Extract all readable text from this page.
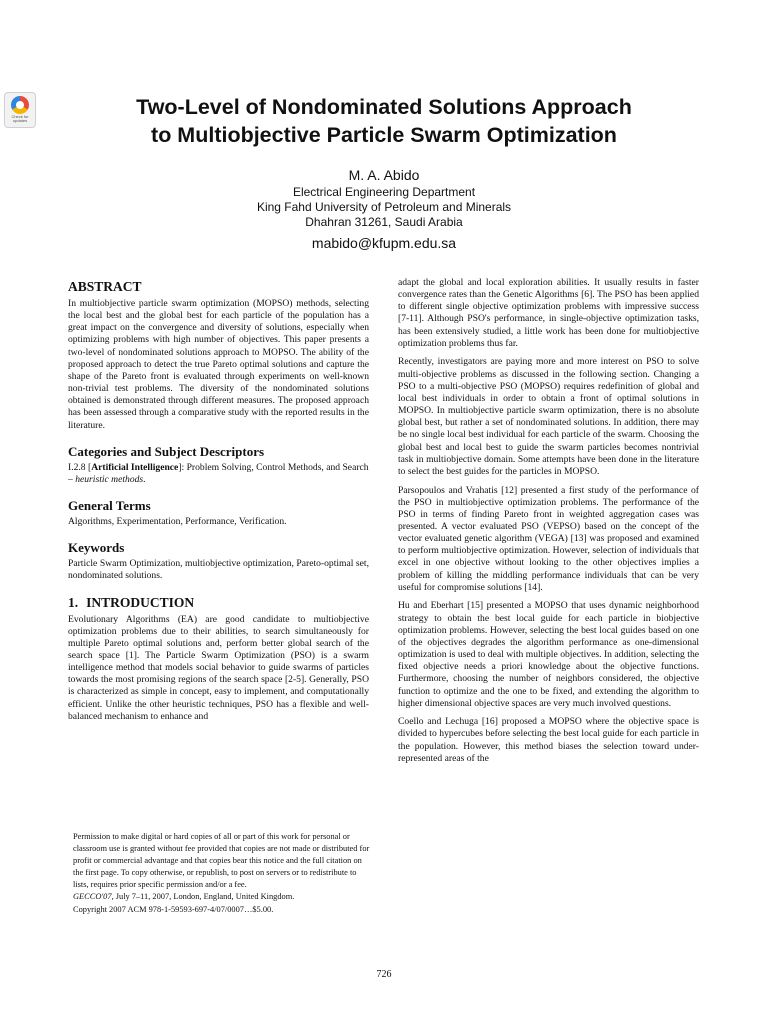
Check for updates
Two-Level of Nondominated Solutions Approach
to Multiobjective Particle Swarm Optimization
M. A. Abido
Electrical Engineering Department
King Fahd University of Petroleum and Minerals
Dhahran 31261, Saudi Arabia
mabido@kfupm.edu.sa
ABSTRACT

In multiobjective particle swarm optimization (MOPSO) methods, selecting the local best and the global best for each particle of the population has a great impact on the convergence and diversity of solutions, especially when optimizing problems with high number of objectives. This paper presents a two-level of nondominated solutions approach to MOPSO. The ability of the proposed approach to detect the true Pareto optimal solutions and capture the shape of the Pareto front is evaluated through experiments on well-known non-trivial test problems. The diversity of the nondominated solutions obtained is demonstrated through different measures. The proposed approach has been assessed through a comparative study with the reported results in the literature.

Categories and Subject Descriptors

I.2.8 [Artificial Intelligence]: Problem Solving, Control Methods, and Search – heuristic methods.

General Terms

Algorithms, Experimentation, Performance, Verification.

Keywords

Particle Swarm Optimization, multiobjective optimization, Pareto-optimal set, nondominated solutions.

1. INTRODUCTION

Evolutionary Algorithms (EA) are good candidate to multiobjective optimization problems due to their abilities, to search simultaneously for multiple Pareto optimal solutions and, perform better global search of the search space [1]. The Particle Swarm Optimization (PSO) is a swarm intelligence method that models social behavior to guide swarms of particles towards the most promising regions of the search space [2-5]. Generally, PSO is characterized as simple in concept, easy to implement, and computationally efficient. Unlike the other heuristic techniques, PSO has a flexible and well-balanced mechanism to enhance and

Permission to make digital or hard copies of all or part of this work for personal or classroom use is granted without fee provided that copies are not made or distributed for profit or commercial advantage and that copies bear this notice and the full citation on the first page. To copy otherwise, or republish, to post on servers or to redistribute to lists, requires prior specific permission and/or a fee.
GECCO'07, July 7–11, 2007, London, England, United Kingdom.
Copyright 2007 ACM 978-1-59593-697-4/07/0007…$5.00.

adapt the global and local exploration abilities. It usually results in faster convergence rates than the Genetic Algorithms [6]. The PSO has been applied to different single objective optimization problems with impressive success [7-11]. Although PSO's performance, in single-objective optimization tasks, has been extensively studied, a little work has been done for multiobjective optimization problems thus far.

Recently, investigators are paying more and more interest on PSO to solve multi-objective problems as discussed in the following section. Changing a PSO to a multi-objective PSO (MOPSO) requires redefinition of global and local best individuals in order to obtain a front of optimal solutions in MOPSO. In multiobjective particle swarm optimization, there is no absolute global best, but rather a set of nondominated solutions. In addition, there may be no single local best individual for each particle of the swarm. Choosing the global best and local best to guide the swarm particles becomes nontrivial task in multiobjective domain. Some attempts have been done in the literature to select the best guides for the particles in MOPSO.

Parsopoulos and Vrahatis [12] presented a first study of the performance of the PSO in multiobjective optimization problems. The performance of the PSO in terms of finding Pareto front in weighted aggregation cases was presented. A vector evaluated PSO (VEPSO) based on the concept of the vector evaluated genetic algorithm (VEGA) [13] was proposed and examined to perform multiobjective optimization. However, selection of individuals that excel in one objective without looking to the other objectives implies a problem of killing the middling performance individuals that can be very useful for compromise solutions [14].

Hu and Eberhart [15] presented a MOPSO that uses dynamic neighborhood strategy to obtain the best local guide for each particle in biobjective optimization problems. However, selecting the best local guides based on one of the objectives degrades the algorithm performance as one-dimensional optimization is used to deal with multiple objectives. In addition, selecting the fixed objective needs a priori knowledge about the objective functions. Furthermore, choosing the number of neighbors considered, the objective function to optimize and the one to be fixed, and extending the algorithm to higher dimensional objective spaces are very much involved questions.

Coello and Lechuga [16] proposed a MOPSO where the objective space is divided to hypercubes before selecting the best local guide for each particle in the population. However, this method biases the selection toward under-represented areas of the

726
